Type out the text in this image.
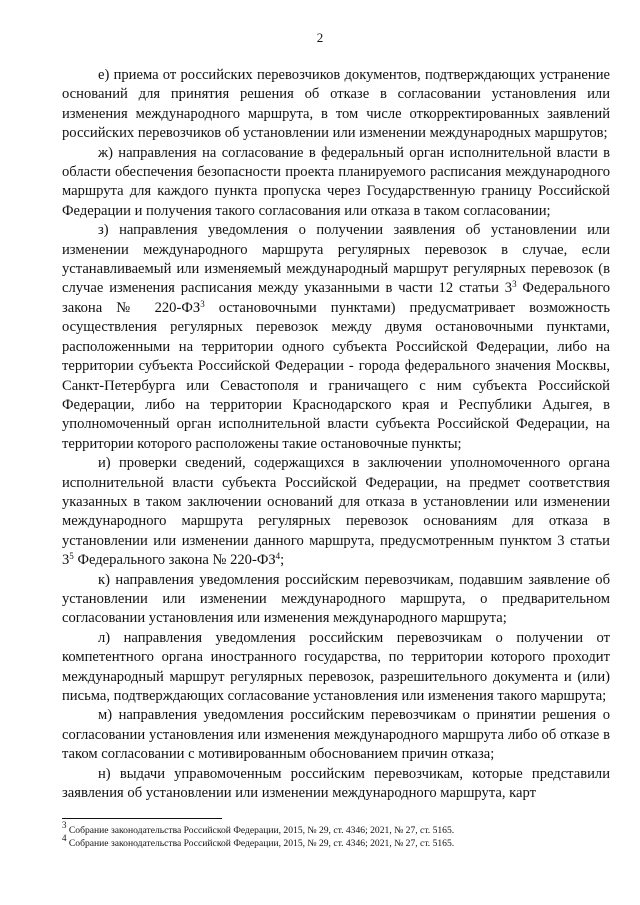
2

е) приема от российских перевозчиков документов, подтверждающих устранение оснований для принятия решения об отказе в согласовании установления или изменения международного маршрута, в том числе откорректированных заявлений российских перевозчиков об установлении или изменении международных маршрутов;

ж) направления на согласование в федеральный орган исполнительной власти в области обеспечения безопасности проекта планируемого расписания международного маршрута для каждого пункта пропуска через Государственную границу Российской Федерации и получения такого согласования или отказа в таком согласовании;

з) направления уведомления о получении заявления об установлении или изменении международного маршрута регулярных перевозок в случае, если устанавливаемый или изменяемый международный маршрут регулярных перевозок (в случае изменения расписания между указанными в части 12 статьи $3^3$ Федерального закона № $220-ФЗ^3$ остановочными пунктами) предусматривает возможность осуществления регулярных перевозок между двумя остановочными пунктами, расположенными на территории одного субъекта Российской Федерации, либо на территории субъекта Российской Федерации - города федерального значения Москвы, Санкт-Петербурга или Севастополя и граничащего с ним субъекта Российской Федерации, либо на территории Краснодарского края и Республики Адыгея, в уполномоченный орган исполнительной власти субъекта Российской Федерации, на территории которого расположены такие остановочные пункты;

и) проверки сведений, содержащихся в заключении уполномоченного органа исполнительной власти субъекта Российской Федерации, на предмет соответствия указанных в таком заключении оснований для отказа в установлении или изменении международного маршрута регулярных перевозок основаниям для отказа в установлении или изменении данного маршрута, предусмотренным пунктом 3 статьи $3^5$ Федерального закона № $220-ФЗ^4$;

к) направления уведомления российским перевозчикам, подавшим заявление об установлении или изменении международного маршрута, о предварительном согласовании установления или изменения международного маршрута;

л) направления уведомления российским перевозчикам о получении от компетентного органа иностранного государства, по территории которого проходит международный маршрут регулярных перевозок, разрешительного документа и (или) письма, подтверждающих согласование установления или изменения такого маршрута;

м) направления уведомления российским перевозчикам о принятии решения о согласовании установления или изменения международного маршрута либо об отказе в таком согласовании с мотивированным обоснованием причин отказа;

н) выдачи управомоченным российским перевозчикам, которые представили заявления об установлении или изменении международного маршрута, карт

$^3$ Собрание законодательства Российской Федерации, 2015, № 29, ст. 4346; 2021, № 27, ст. 5165.

$^4$ Собрание законодательства Российской Федерации, 2015, № 29, ст. 4346; 2021, № 27, ст. 5165.
